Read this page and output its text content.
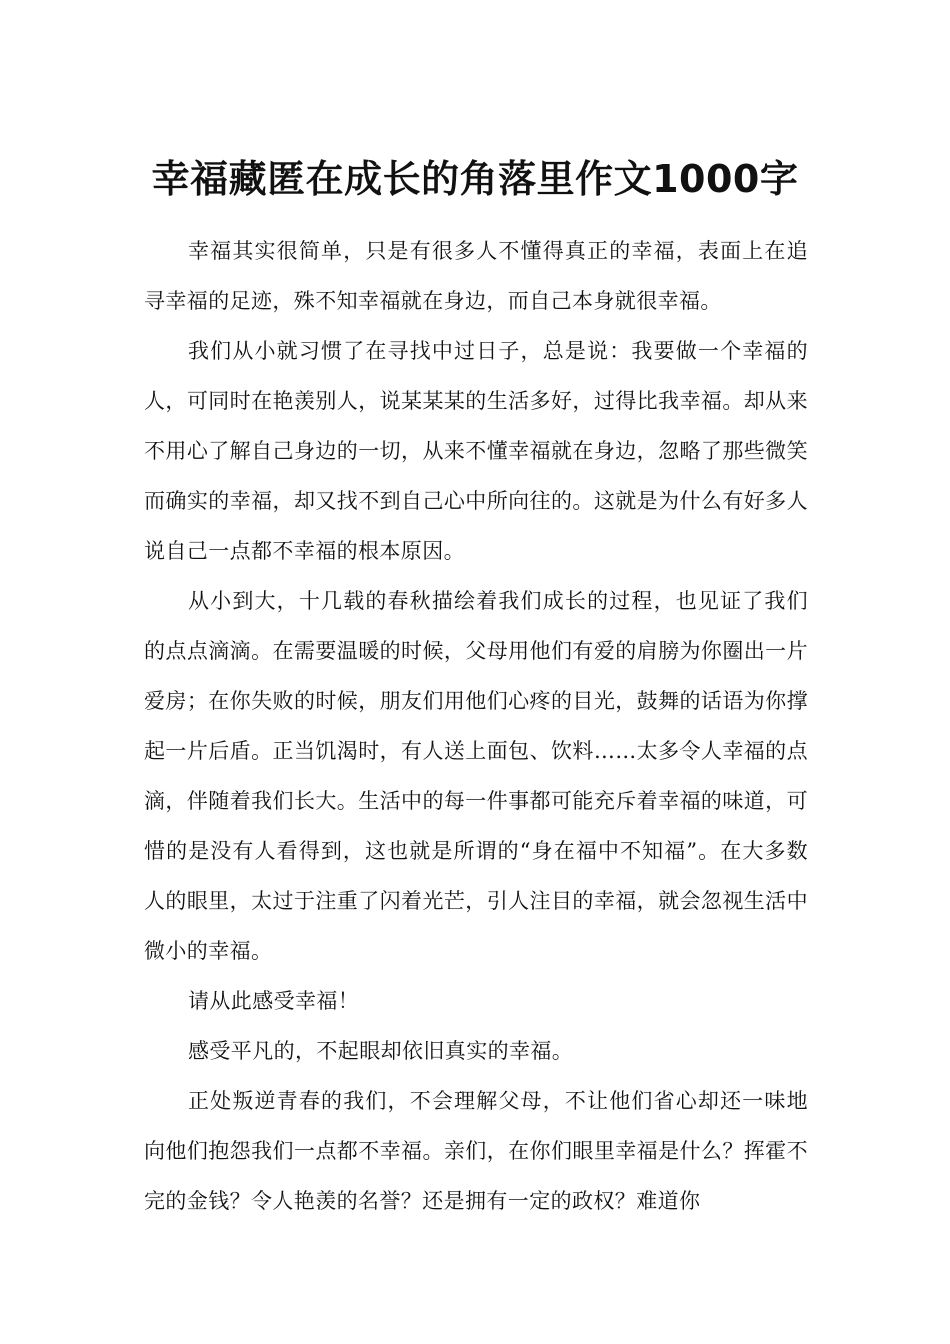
幸福藏匿在成长的角落里作文1000字

幸福其实很简单，只是有很多人不懂得真正的幸福，表面上在追寻幸福的足迹，殊不知幸福就在身边，而自己本身就很幸福。

我们从小就习惯了在寻找中过日子，总是说：我要做一个幸福的人，可同时在艳羡别人，说某某某的生活多好，过得比我幸福。却从来不用心了解自己身边的一切，从来不懂幸福就在身边，忽略了那些微笑而确实的幸福，却又找不到自己心中所向往的。这就是为什么有好多人说自己一点都不幸福的根本原因。

从小到大，十几载的春秋描绘着我们成长的过程，也见证了我们的点点滴滴。在需要温暖的时候，父母用他们有爱的肩膀为你圈出一片爱房；在你失败的时候，朋友们用他们心疼的目光，鼓舞的话语为你撑起一片后盾。正当饥渴时，有人送上面包、饮料……太多令人幸福的点滴，伴随着我们长大。生活中的每一件事都可能充斥着幸福的味道，可惜的是没有人看得到，这也就是所谓的“身在福中不知福”。在大多数人的眼里，太过于注重了闪着光芒，引人注目的幸福，就会忽视生活中微小的幸福。

请从此感受幸福！

感受平凡的，不起眼却依旧真实的幸福。

正处叛逆青春的我们，不会理解父母，不让他们省心却还一味地向他们抱怨我们一点都不幸福。亲们，在你们眼里幸福是什么？挥霍不完的金钱？令人艳羡的名誉？还是拥有一定的政权？难道你
